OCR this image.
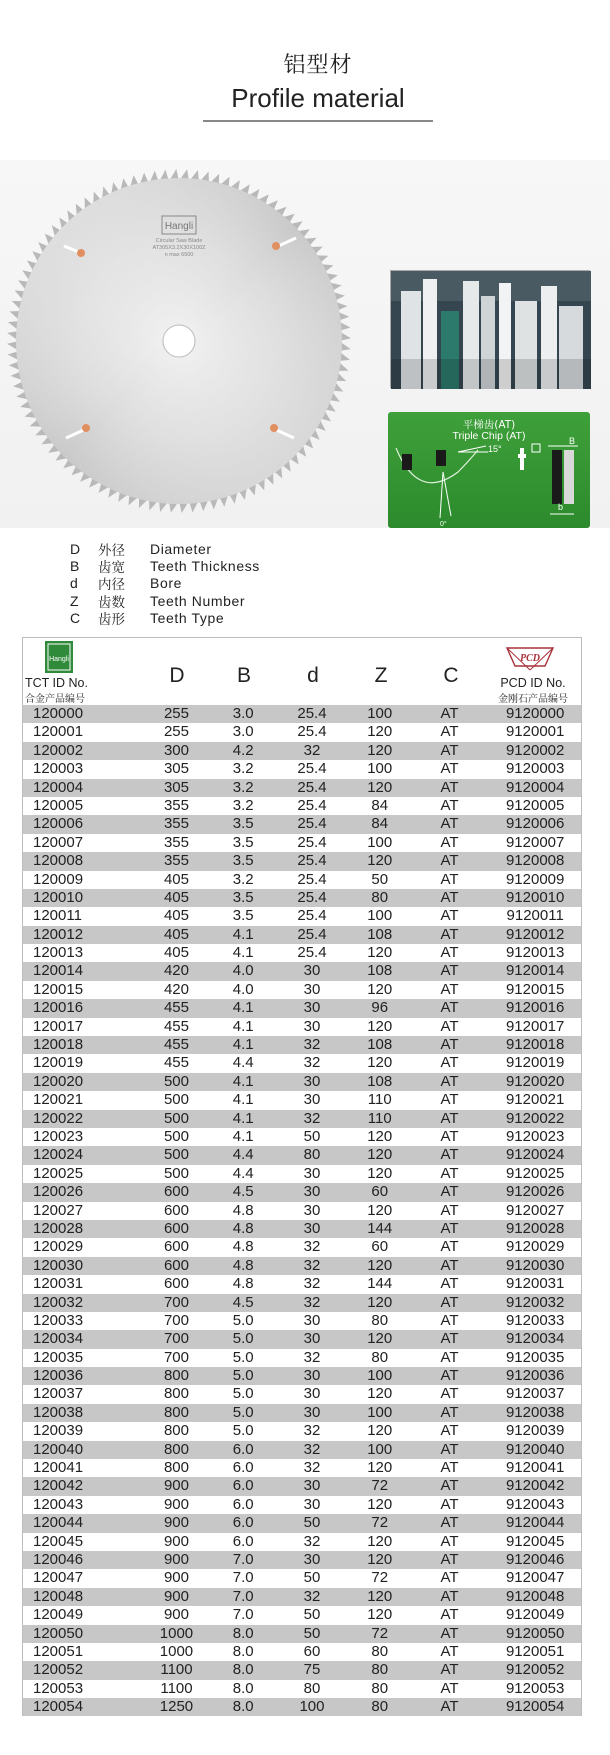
铝型材
Profile material
Hangli
Circular Saw Blade
AT305X3.2X30X100Z
n max 6500
平梯齿(AT)
Triple Chip (AT)
0°
15°
B
b
D	外径	Diameter
B	齿宽	Teeth Thickness
d	内径	Bore
Z	齿数	Teeth Number
C	齿形	Teeth Type
Hangli
TCT ID No.
合金产品编号
D	B	d	Z	C
PCD
PCD ID No.
金刚石产品编号
120000	255	3.0	25.4	100	AT	9120000
120001	255	3.0	25.4	120	AT	9120001
120002	300	4.2	32	120	AT	9120002
120003	305	3.2	25.4	100	AT	9120003
120004	305	3.2	25.4	120	AT	9120004
120005	355	3.2	25.4	84	AT	9120005
120006	355	3.5	25.4	84	AT	9120006
120007	355	3.5	25.4	100	AT	9120007
120008	355	3.5	25.4	120	AT	9120008
120009	405	3.2	25.4	50	AT	9120009
120010	405	3.5	25.4	80	AT	9120010
120011	405	3.5	25.4	100	AT	9120011
120012	405	4.1	25.4	108	AT	9120012
120013	405	4.1	25.4	120	AT	9120013
120014	420	4.0	30	108	AT	9120014
120015	420	4.0	30	120	AT	9120015
120016	455	4.1	30	96	AT	9120016
120017	455	4.1	30	120	AT	9120017
120018	455	4.1	32	108	AT	9120018
120019	455	4.4	32	120	AT	9120019
120020	500	4.1	30	108	AT	9120020
120021	500	4.1	30	110	AT	9120021
120022	500	4.1	32	110	AT	9120022
120023	500	4.1	50	120	AT	9120023
120024	500	4.4	80	120	AT	9120024
120025	500	4.4	30	120	AT	9120025
120026	600	4.5	30	60	AT	9120026
120027	600	4.8	30	120	AT	9120027
120028	600	4.8	30	144	AT	9120028
120029	600	4.8	32	60	AT	9120029
120030	600	4.8	32	120	AT	9120030
120031	600	4.8	32	144	AT	9120031
120032	700	4.5	32	120	AT	9120032
120033	700	5.0	30	80	AT	9120033
120034	700	5.0	30	120	AT	9120034
120035	700	5.0	32	80	AT	9120035
120036	800	5.0	30	100	AT	9120036
120037	800	5.0	30	120	AT	9120037
120038	800	5.0	30	100	AT	9120038
120039	800	5.0	32	120	AT	9120039
120040	800	6.0	32	100	AT	9120040
120041	800	6.0	32	120	AT	9120041
120042	900	6.0	30	72	AT	9120042
120043	900	6.0	30	120	AT	9120043
120044	900	6.0	50	72	AT	9120044
120045	900	6.0	32	120	AT	9120045
120046	900	7.0	30	120	AT	9120046
120047	900	7.0	50	72	AT	9120047
120048	900	7.0	32	120	AT	9120048
120049	900	7.0	50	120	AT	9120049
120050	1000	8.0	50	72	AT	9120050
120051	1000	8.0	60	80	AT	9120051
120052	1100	8.0	75	80	AT	9120052
120053	1100	8.0	80	80	AT	9120053
120054	1250	8.0	100	80	AT	9120054
